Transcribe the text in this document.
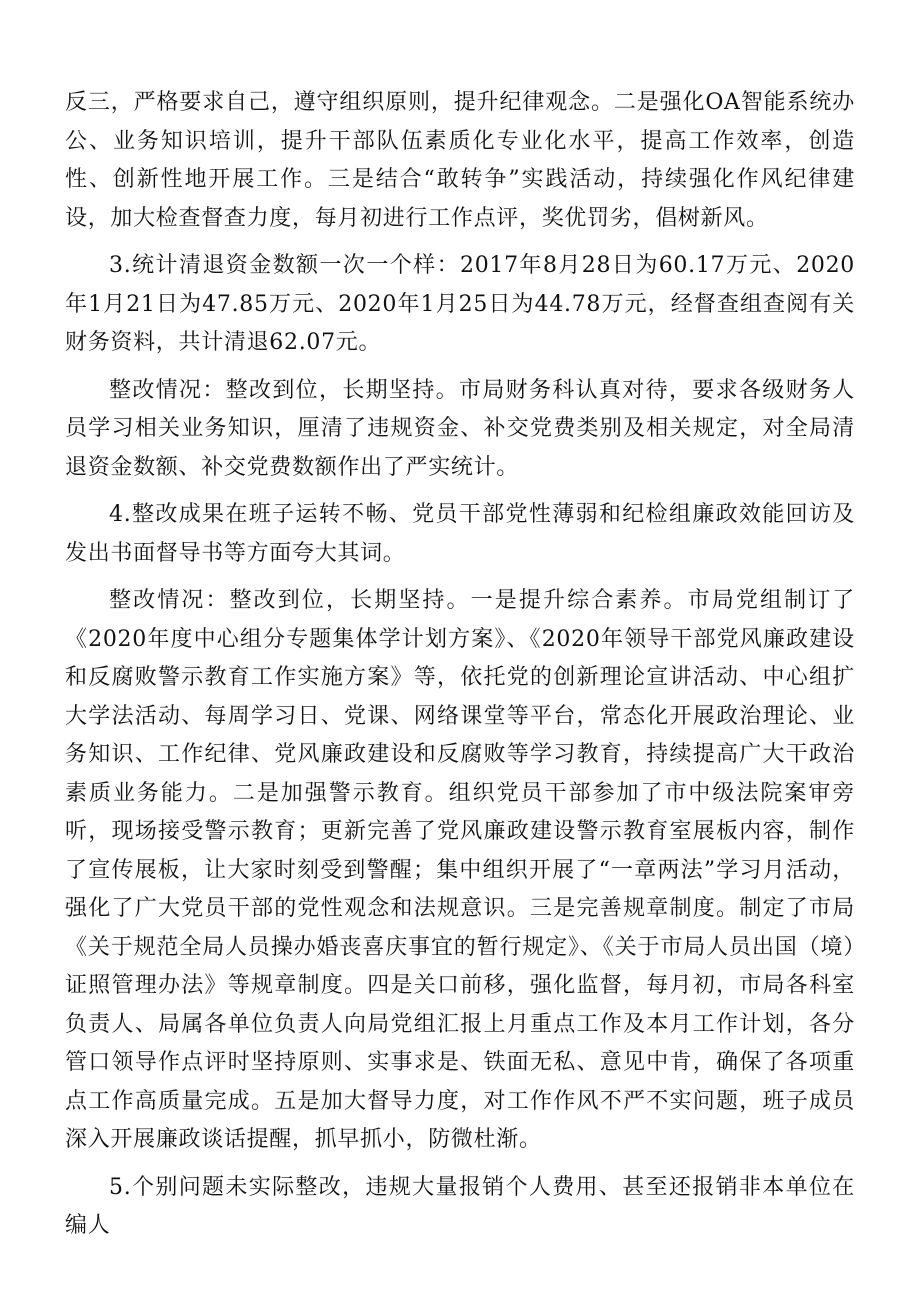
反三，严格要求自己，遵守组织原则，提升纪律观念。二是强化OA智能系统办公、业务知识培训，提升干部队伍素质化专业化水平，提高工作效率，创造性、创新性地开展工作。三是结合“敢转争”实践活动，持续强化作风纪律建设，加大检查督查力度，每月初进行工作点评，奖优罚劣，倡树新风。

3.统计清退资金数额一次一个样：2017年8月28日为60.17万元、2020年1月21日为47.85万元、2020年1月25日为44.78万元，经督查组查阅有关财务资料，共计清退62.07元。

整改情况：整改到位，长期坚持。市局财务科认真对待，要求各级财务人员学习相关业务知识，厘清了违规资金、补交党费类别及相关规定，对全局清退资金数额、补交党费数额作出了严实统计。

4.整改成果在班子运转不畅、党员干部党性薄弱和纪检组廉政效能回访及发出书面督导书等方面夸大其词。

整改情况：整改到位，长期坚持。一是提升综合素养。市局党组制订了《2020年度中心组分专题集体学计划方案》、《2020年领导干部党风廉政建设和反腐败警示教育工作实施方案》等，依托党的创新理论宣讲活动、中心组扩大学法活动、每周学习日、党课、网络课堂等平台，常态化开展政治理论、业务知识、工作纪律、党风廉政建设和反腐败等学习教育，持续提高广大干政治素质业务能力。二是加强警示教育。组织党员干部参加了市中级法院案审旁听，现场接受警示教育；更新完善了党风廉政建设警示教育室展板内容，制作了宣传展板，让大家时刻受到警醒；集中组织开展了“一章两法”学习月活动，强化了广大党员干部的党性观念和法规意识。三是完善规章制度。制定了市局《关于规范全局人员操办婚丧喜庆事宜的暂行规定》、《关于市局人员出国（境）证照管理办法》等规章制度。四是关口前移，强化监督，每月初，市局各科室负责人、局属各单位负责人向局党组汇报上月重点工作及本月工作计划，各分管口领导作点评时坚持原则、实事求是、铁面无私、意见中肯，确保了各项重点工作高质量完成。五是加大督导力度，对工作作风不严不实问题，班子成员深入开展廉政谈话提醒，抓早抓小，防微杜渐。

5.个别问题未实际整改，违规大量报销个人费用、甚至还报销非本单位在编人
